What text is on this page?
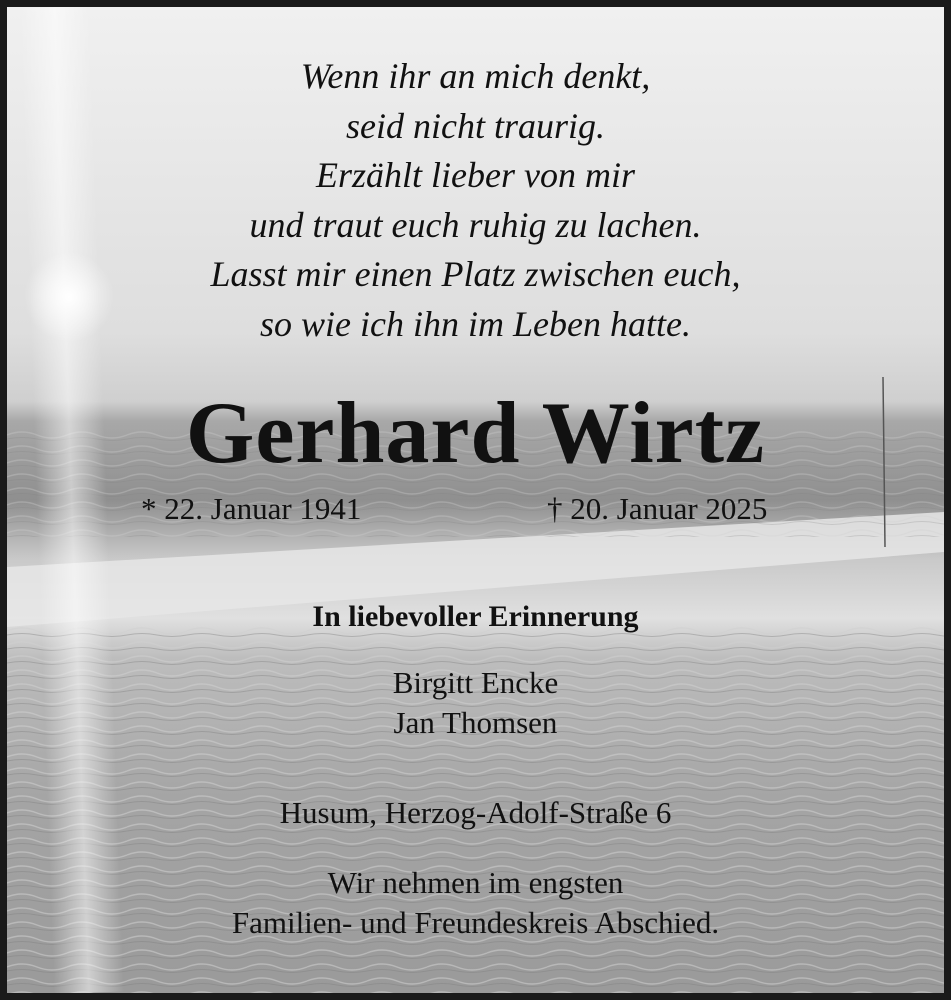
Wenn ihr an mich denkt,
seid nicht traurig.
Erzählt lieber von mir
und traut euch ruhig zu lachen.
Lasst mir einen Platz zwischen euch,
so wie ich ihn im Leben hatte.
Gerhard Wirtz
* 22. Januar 1941	† 20. Januar 2025
In liebevoller Erinnerung
Birgitt Encke
Jan Thomsen
Husum, Herzog-Adolf-Straße 6
Wir nehmen im engsten
Familien- und Freundeskreis Abschied.
